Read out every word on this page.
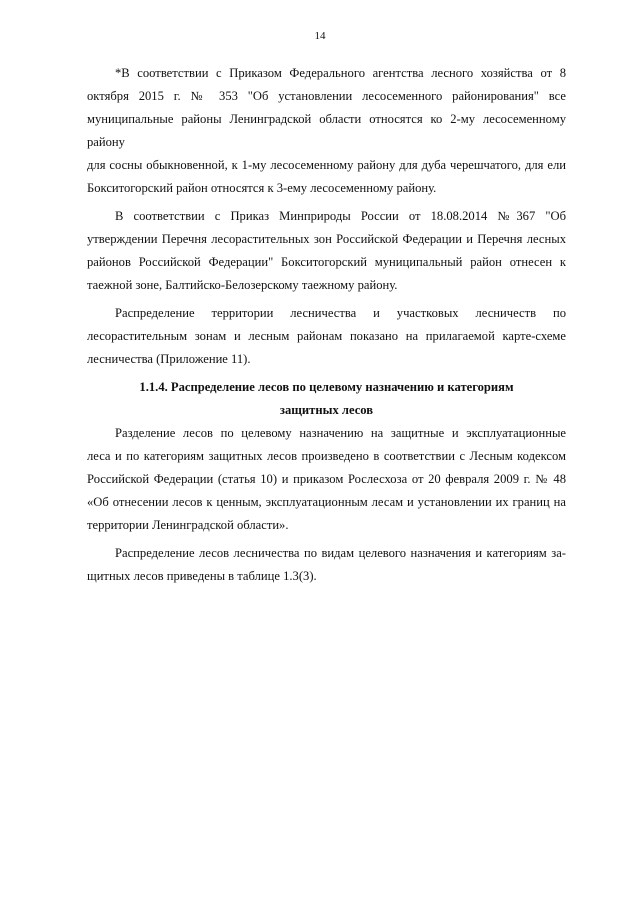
14
*В соответствии с Приказом Федерального агентства лесного хозяйства от 8
октября 2015 г. № 353 "Об установлении лесосеменного районирования" все
муниципальные районы Ленинградской области относятся ко 2-му лесосеменному району
для сосны обыкновенной, к 1-му лесосеменному району для дуба черешчатого, для ели
Бокситогорский район относятся к 3-ему лесосеменному району.
В соответствии с Приказ Минприроды России от 18.08.2014 №367 "Об
утверждении Перечня лесорастительных зон Российской Федерации и Перечня лесных
районов Российской Федерации" Бокситогорский муниципальный район отнесен к
таежной зоне, Балтийско-Белозерскому таежному району.
Распределение территории лесничества и участковых лесничеств по
лесорастительным зонам и лесным районам показано на прилагаемой карте-схеме
лесничества (Приложение 11).
1.1.4. Распределение лесов по целевому назначению и категориям
защитных лесов
Разделение лесов по целевому назначению на защитные и эксплуатационные
леса и по категориям защитных лесов произведено в соответствии с Лесным кодексом
Российской Федерации (статья 10) и приказом Рослесхоза от 20 февраля 2009 г. № 48
«Об отнесении лесов к ценным, эксплуатационным лесам и установлении их границ на
территории Ленинградской области».
Распределение лесов лесничества по видам целевого назначения и категориям за-
щитных лесов приведены в таблице 1.3(3).
